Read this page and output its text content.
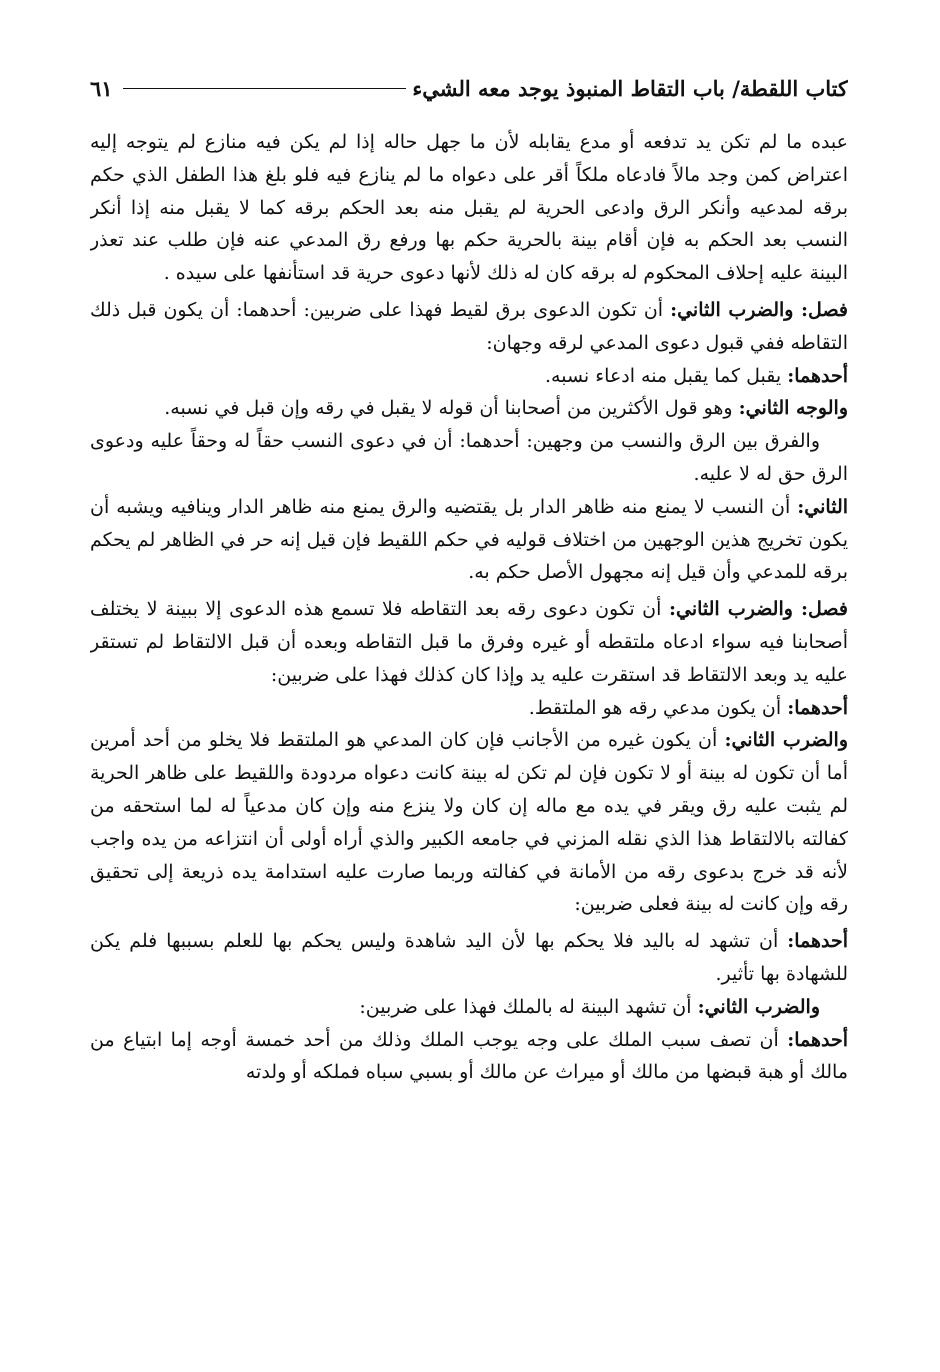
كتاب اللقطة/ باب التقاط المنبوذ يوجد معه الشيء
٦١

عبده ما لم تكن يد تدفعه أو مدع يقابله لأن ما جهل حاله إذا لم يكن فيه منازع لم يتوجه إليه اعتراض كمن وجد مالاً فادعاه ملكاً أقر على دعواه ما لم ينازع فيه فلو بلغ هذا الطفل الذي حكم برقه لمدعيه وأنكر الرق وادعى الحرية لم يقبل منه بعد الحكم برقه كما لا يقبل منه إذا أنكر النسب بعد الحكم به فإن أقام بينة بالحرية حكم بها ورفع رق المدعي عنه فإن طلب عند تعذر البينة عليه إحلاف المحكوم له برقه كان له ذلك لأنها دعوى حرية قد استأنفها على سيده .

فصل: والضرب الثاني: أن تكون الدعوى برق لقيط فهذا على ضربين: أحدهما: أن يكون قبل ذلك التقاطه ففي قبول دعوى المدعي لرقه وجهان:

أحدهما: يقبل كما يقبل منه ادعاء نسبه.

والوجه الثاني: وهو قول الأكثرين من أصحابنا أن قوله لا يقبل في رقه وإن قبل في نسبه.

والفرق بين الرق والنسب من وجهين: أحدهما: أن في دعوى النسب حقاً له وحقاً عليه ودعوى الرق حق له لا عليه.

الثاني: أن النسب لا يمنع منه ظاهر الدار بل يقتضيه والرق يمنع منه ظاهر الدار وينافيه ويشبه أن يكون تخريج هذين الوجهين من اختلاف قوليه في حكم اللقيط فإن قيل إنه حر في الظاهر لم يحكم برقه للمدعي وأن قيل إنه مجهول الأصل حكم به.

فصل: والضرب الثاني: أن تكون دعوى رقه بعد التقاطه فلا تسمع هذه الدعوى إلا ببينة لا يختلف أصحابنا فيه سواء ادعاه ملتقطه أو غيره وفرق ما قبل التقاطه وبعده أن قبل الالتقاط لم تستقر عليه يد وبعد الالتقاط قد استقرت عليه يد وإذا كان كذلك فهذا على ضربين:

أحدهما: أن يكون مدعي رقه هو الملتقط.

والضرب الثاني: أن يكون غيره من الأجانب فإن كان المدعي هو الملتقط فلا يخلو من أحد أمرين أما أن تكون له بينة أو لا تكون فإن لم تكن له بينة كانت دعواه مردودة واللقيط على ظاهر الحرية لم يثبت عليه رق ويقر في يده مع ماله إن كان ولا ينزع منه وإن كان مدعياً له لما استحقه من كفالته بالالتقاط هذا الذي نقله المزني في جامعه الكبير والذي أراه أولى أن انتزاعه من يده واجب لأنه قد خرج بدعوى رقه من الأمانة في كفالته وربما صارت عليه استدامة يده ذريعة إلى تحقيق رقه وإن كانت له بينة فعلى ضربين:

أحدهما: أن تشهد له باليد فلا يحكم بها لأن اليد شاهدة وليس يحكم بها للعلم بسببها فلم يكن للشهادة بها تأثير.

والضرب الثاني: أن تشهد البينة له بالملك فهذا على ضربين:

أحدهما: أن تصف سبب الملك على وجه يوجب الملك وذلك من أحد خمسة أوجه إما ابتياع من مالك أو هبة قبضها من مالك أو ميراث عن مالك أو بسبي سباه فملكه أو ولدته
